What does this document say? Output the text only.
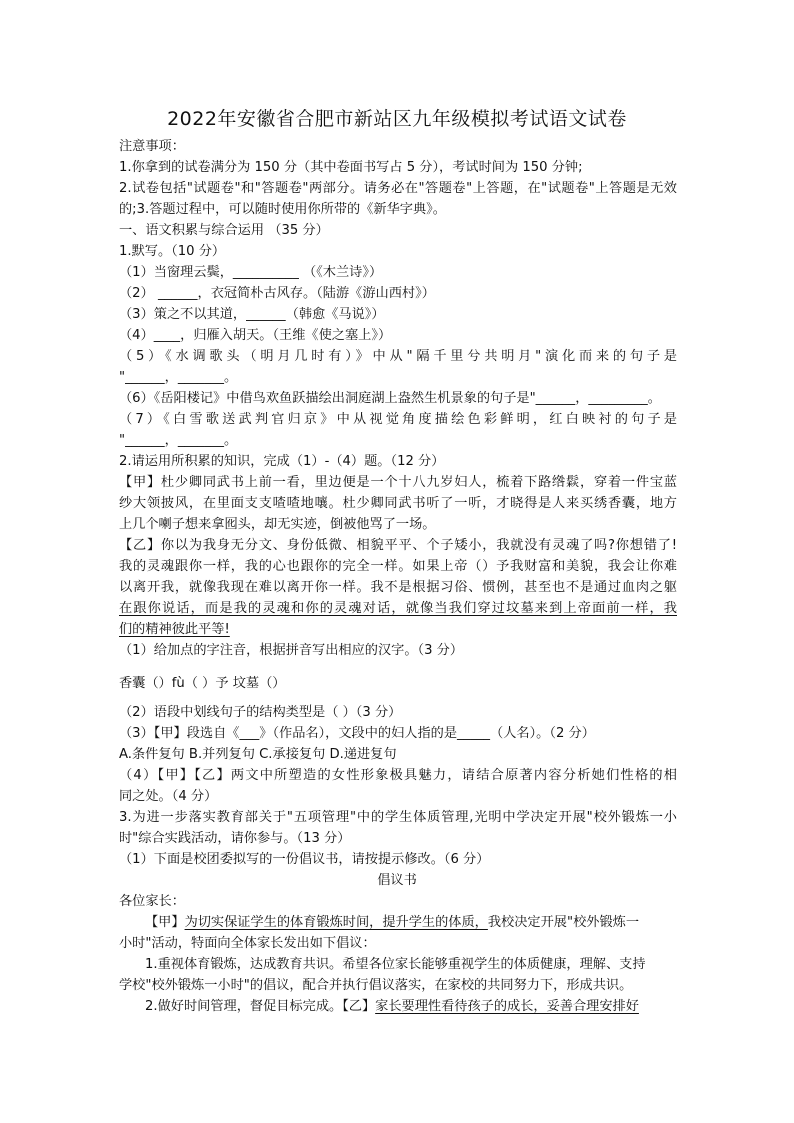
2022年安徽省合肥市新站区九年级模拟考试语文试卷
注意事项：
1.你拿到的试卷满分为 150 分（其中卷面书写占 5 分），考试时间为 150 分钟;
2.试卷包括"试题卷"和"答题卷"两部分。请务必在"答题卷"上答题，在"试题卷"上答题是无效
的;3.答题过程中，可以随时使用你所带的《新华字典》。
一、语文积累与综合运用 （35 分）
1.默写。（10 分）
（1）当窗理云鬓，__________ （《木兰诗》）
（2） ______，衣冠简朴古风存。（陆游《游山西村》）
（3）策之不以其道，______（韩愈《马说》）
（4）____，归雁入胡天。（王维《使之塞上》）
（5）《水调歌头（明月几时有）》中从"隔千里兮共明月"演化而来的句子是
"______，_______。
（6）《岳阳楼记》中借鸟欢鱼跃描绘出洞庭湖上盎然生机景象的句子是"______，_________。
（7）《白雪歌送武判官归京》中从视觉角度描绘色彩鲜明，红白映衬的句子是
"______，_______。
2.请运用所积累的知识，完成（1）-（4）题。（12 分）
【甲】杜少卿同武书上前一看，里边便是一个十八九岁妇人，梳着下路绺鬏，穿着一件宝蓝
纱大领披风，在里面支支喳喳地嚷。杜少卿同武书听了一听，才晓得是人来买绣香囊，地方
上几个喇子想来拿囮头，却无实迹，倒被他骂了一场。
【乙】你以为我身无分文、身份低微、相貌平平、个子矮小，我就没有灵魂了吗?你想错了!
我的灵魂跟你一样，我的心也跟你的完全一样。如果上帝（）予我财富和美貌，我会让你难
以离开我，就像我现在难以离开你一样。我不是根据习俗、惯例，甚至也不是通过血肉之躯
在跟你说话，而是我的灵魂和你的灵魂对话，就像当我们穿过坟墓来到上帝面前一样，我
们的精神彼此平等!
（1）给加点的字注音，根据拼音写出相应的汉字。（3 分）
香囊（）fù（ ）予 坟墓（）
（2）语段中划线句子的结构类型是（ ）（3 分）
（3）【甲】段选自《___》（作品名），文段中的妇人指的是_____（人名）。（2 分）
A.条件复句 B.并列复句 C.承接复句 D.递进复句
（4）【甲】【乙】两文中所塑造的女性形象极具魅力，请结合原著内容分析她们性格的相
同之处。（4 分）
3.为进一步落实教育部关于"五项管理"中的学生体质管理,光明中学决定开展"校外锻炼一小
时"综合实践活动，请你参与。（13 分）
（1）下面是校团委拟写的一份倡议书，请按提示修改。（6 分）
倡议书
各位家长：
【甲】为切实保证学生的体育锻炼时间，提升学生的体质，我校决定开展"校外锻炼一
小时"活动，特面向全体家长发出如下倡议：
1.重视体育锻炼，达成教育共识。希望各位家长能够重视学生的体质健康，理解、支持
学校"校外锻炼一小时"的倡议，配合并执行倡议落实，在家校的共同努力下，形成共识。
2.做好时间管理，督促目标完成。【乙】家长要理性看待孩子的成长，妥善合理安排好
